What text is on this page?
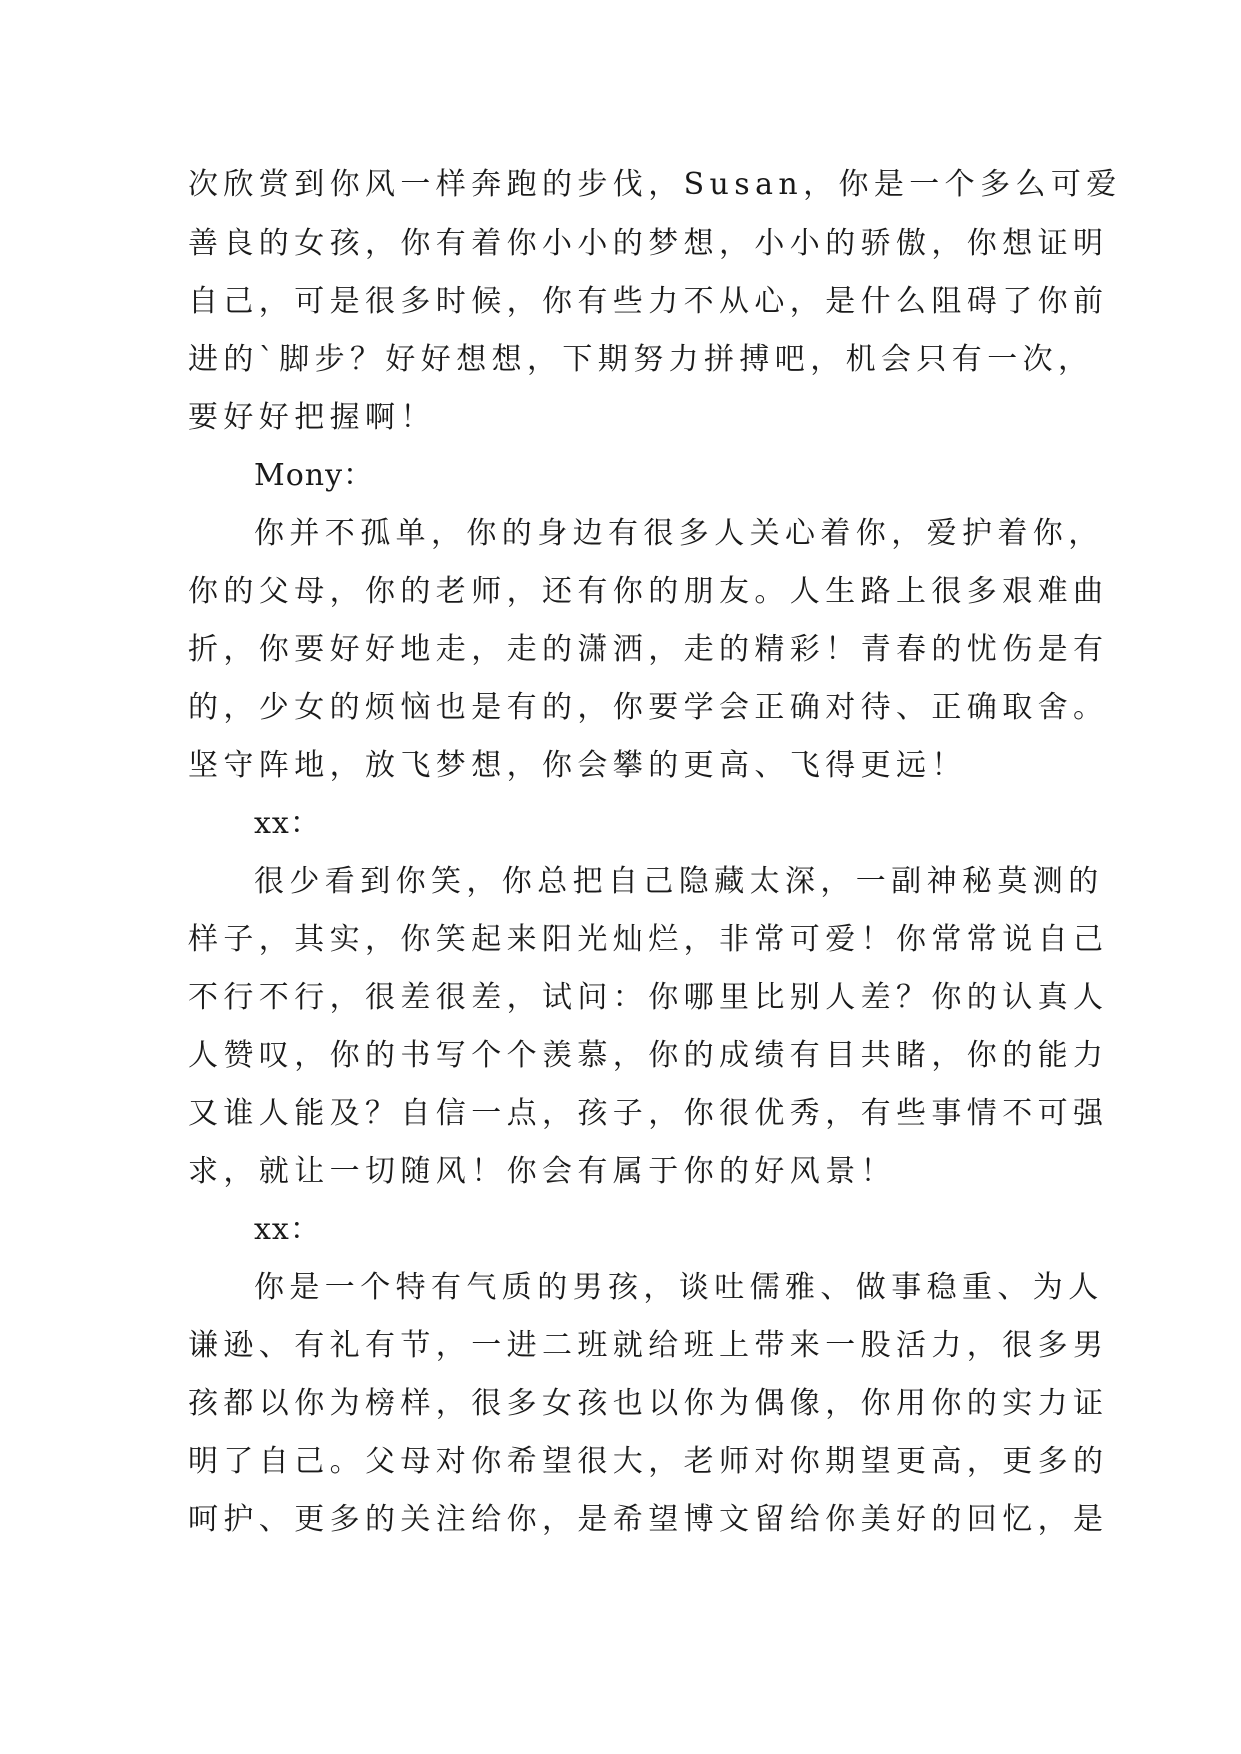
次欣赏到你风一样奔跑的步伐，Susan，你是一个多么可爱
善良的女孩，你有着你小小的梦想，小小的骄傲，你想证明
自己，可是很多时候，你有些力不从心，是什么阻碍了你前
进的`脚步？好好想想，下期努力拼搏吧，机会只有一次，
要好好把握啊！
Mony：
你并不孤单，你的身边有很多人关心着你，爱护着你，
你的父母，你的老师，还有你的朋友。人生路上很多艰难曲
折，你要好好地走，走的潇洒，走的精彩！青春的忧伤是有
的，少女的烦恼也是有的，你要学会正确对待、正确取舍。
坚守阵地，放飞梦想，你会攀的更高、飞得更远！
xx：
很少看到你笑，你总把自己隐藏太深，一副神秘莫测的
样子，其实，你笑起来阳光灿烂，非常可爱！你常常说自己
不行不行，很差很差，试问：你哪里比别人差？你的认真人
人赞叹，你的书写个个羡慕，你的成绩有目共睹，你的能力
又谁人能及？自信一点，孩子，你很优秀，有些事情不可强
求，就让一切随风！你会有属于你的好风景！
xx：
你是一个特有气质的男孩，谈吐儒雅、做事稳重、为人
谦逊、有礼有节，一进二班就给班上带来一股活力，很多男
孩都以你为榜样，很多女孩也以你为偶像，你用你的实力证
明了自己。父母对你希望很大，老师对你期望更高，更多的
呵护、更多的关注给你，是希望博文留给你美好的回忆，是
